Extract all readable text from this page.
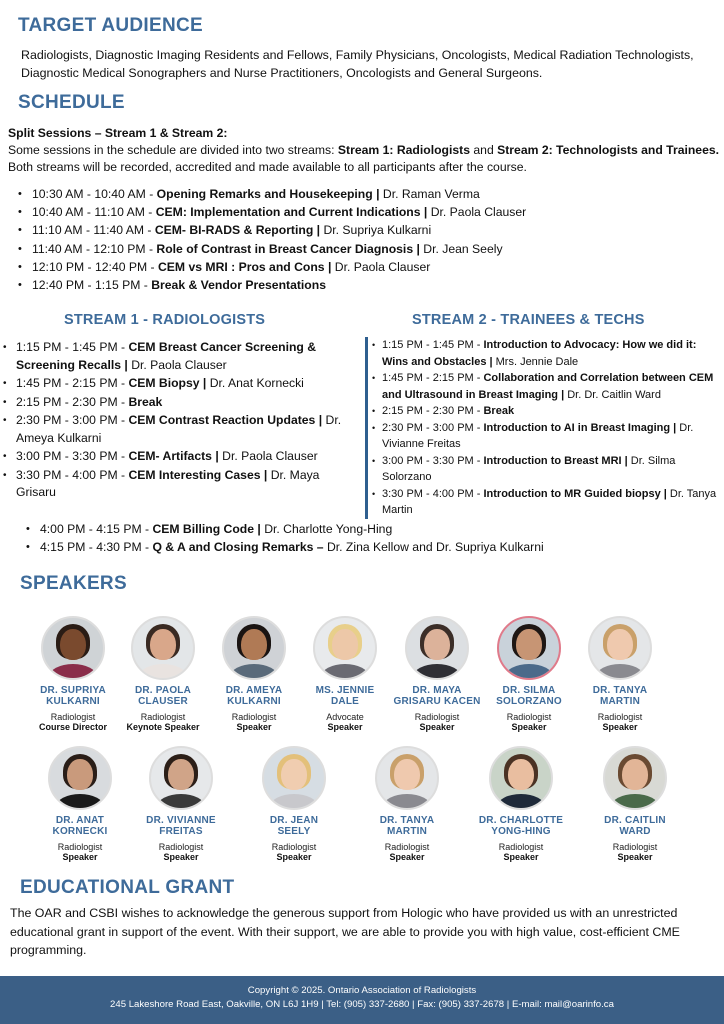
TARGET AUDIENCE
Radiologists, Diagnostic Imaging Residents and Fellows, Family Physicians, Oncologists, Medical Radiation Technologists, Diagnostic Medical Sonographers and Nurse Practitioners, Oncologists and General Surgeons.
SCHEDULE
Split Sessions – Stream 1 & Stream 2:
Some sessions in the schedule are divided into two streams: Stream 1: Radiologists and Stream 2: Technologists and Trainees. Both streams will be recorded, accredited and made available to all participants after the course.
• 10:30 AM - 10:40 AM - Opening Remarks and Housekeeping | Dr. Raman Verma
• 10:40 AM - 11:10 AM - CEM: Implementation and Current Indications | Dr. Paola Clauser
• 11:10 AM - 11:40 AM - CEM- BI-RADS & Reporting | Dr. Supriya Kulkarni
• 11:40 AM - 12:10 PM - Role of Contrast in Breast Cancer Diagnosis | Dr. Jean Seely
• 12:10 PM - 12:40 PM - CEM vs MRI : Pros and Cons | Dr. Paola Clauser
• 12:40 PM - 1:15 PM - Break & Vendor Presentations
STREAM 1 - RADIOLOGISTS	STREAM 2 - TRAINEES & TECHS
• 1:15 PM - 1:45 PM - CEM Breast Cancer Screening & Screening Recalls | Dr. Paola Clauser
• 1:45 PM - 2:15 PM - CEM Biopsy | Dr. Anat Kornecki
• 2:15 PM - 2:30 PM - Break
• 2:30 PM - 3:00 PM - CEM Contrast Reaction Updates | Dr. Ameya Kulkarni
• 3:00 PM - 3:30 PM - CEM- Artifacts | Dr. Paola Clauser
• 3:30 PM - 4:00 PM - CEM Interesting Cases | Dr. Maya Grisaru
• 1:15 PM - 1:45 PM - Introduction to Advocacy: How we did it: Wins and Obstacles | Mrs. Jennie Dale
• 1:45 PM - 2:15 PM - Collaboration and Correlation between CEM and Ultrasound in Breast Imaging | Dr. Dr. Caitlin Ward
• 2:15 PM - 2:30 PM - Break
• 2:30 PM - 3:00 PM - Introduction to AI in Breast Imaging | Dr. Vivianne Freitas
• 3:00 PM - 3:30 PM - Introduction to Breast MRI | Dr. Silma Solorzano
• 3:30 PM - 4:00 PM - Introduction to MR Guided biopsy | Dr. Tanya Martin
• 4:00 PM - 4:15 PM - CEM Billing Code | Dr. Charlotte Yong-Hing
• 4:15 PM - 4:30 PM - Q & A and Closing Remarks – Dr. Zina Kellow and Dr. Supriya Kulkarni
SPEAKERS
DR. SUPRIYA
KULKARNI
Radiologist
Course Director
DR. PAOLA
CLAUSER
Radiologist
Keynote Speaker
DR. AMEYA
KULKARNI
Radiologist
Speaker
MS. JENNIE
DALE
Advocate
Speaker
DR. MAYA
GRISARU KACEN
Radiologist
Speaker
DR. SILMA
SOLORZANO
Radiologist
Speaker
DR. TANYA
MARTIN
Radiologist
Speaker
DR. ANAT
KORNECKI
Radiologist
Speaker
DR. VIVIANNE
FREITAS
Radiologist
Speaker
DR. JEAN
SEELY
Radiologist
Speaker
DR. TANYA
MARTIN
Radiologist
Speaker
DR. CHARLOTTE
YONG-HING
Radiologist
Speaker
DR. CAITLIN
WARD
Radiologist
Speaker
EDUCATIONAL GRANT
The OAR and CSBI wishes to acknowledge the generous support from Hologic who have provided us with an unrestricted educational grant in support of the event. With their support, we are able to provide you with high value, cost-efficient CME programming.
Copyright © 2025. Ontario Association of Radiologists
245 Lakeshore Road East, Oakville, ON L6J 1H9 | Tel: (905) 337-2680 | Fax: (905) 337-2678 | E-mail: mail@oarinfo.ca
